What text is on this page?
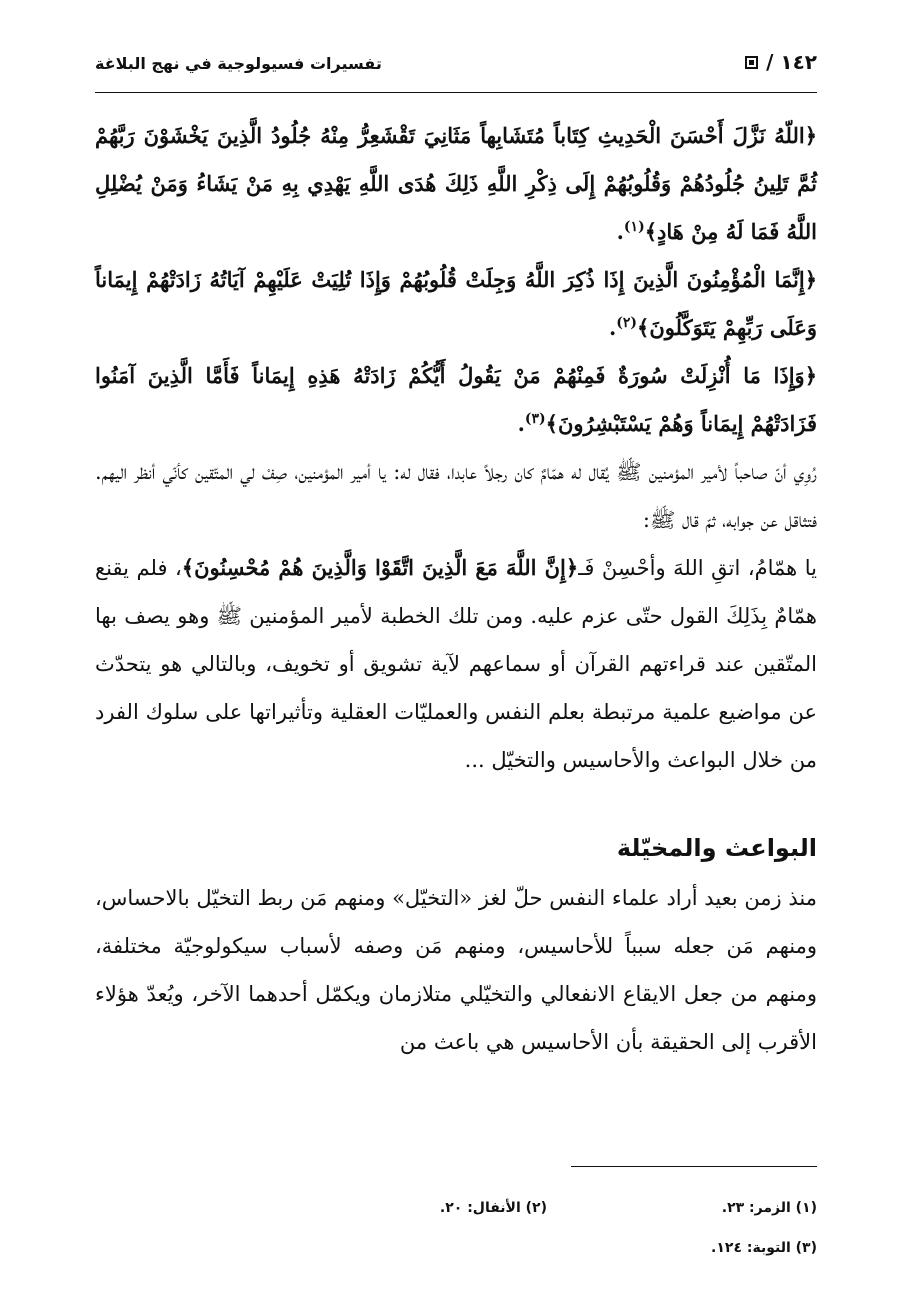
١٤٢ /
تفسيرات فسيولوجية في نهج البلاغة

﴿اللّهُ نَزَّلَ أَحْسَنَ الْحَدِيثِ كِتَاباً مُتَشَابِهاً مَثَانِيَ تَقْشَعِرُّ مِنْهُ جُلُودُ الَّذِينَ يَخْشَوْنَ رَبَّهُمْ ثُمَّ تَلِينُ جُلُودُهُمْ وَقُلُوبُهُمْ إِلَى ذِكْرِ اللَّهِ ذَلِكَ هُدَى اللَّهِ يَهْدِي بِهِ مَنْ يَشَاءُ وَمَنْ يُضْلِلِ اللَّهُ فَمَا لَهُ مِنْ هَادٍ﴾$^{(١)}$.

﴿إِنَّمَا الْمُؤْمِنُونَ الَّذِينَ إِذَا ذُكِرَ اللَّهُ وَجِلَتْ قُلُوبُهُمْ وَإِذَا تُلِيَتْ عَلَيْهِمْ آيَاتُهُ زَادَتْهُمْ إِيمَاناً وَعَلَى رَبِّهِمْ يَتَوَكَّلُونَ﴾$^{(٢)}$.

﴿وَإِذَا مَا أُنْزِلَتْ سُورَةٌ فَمِنْهُمْ مَنْ يَقُولُ أَيُّكُمْ زَادَتْهُ هَذِهِ إِيمَاناً فَأَمَّا الَّذِينَ آمَنُوا فَزَادَتْهُمْ إِيمَاناً وَهُمْ يَسْتَبْشِرُونَ﴾$^{(٣)}$.

رُوِي أنّ صاحباً لأمير المؤمنين ﷺ يُقال له همّامٌ كان رجلاً عابدا، فقال له: يا أمير المؤمنين، صِفْ لي المتّقين كأنّي أنظر اليهم. فتثاقل عن جوابه، ثمّ قال ﷺ:

يا همّامُ، اتقِ اللهَ وأحْسِنْ فَـ﴿إِنَّ اللَّهَ مَعَ الَّذِينَ اتَّقَوْا وَالَّذِينَ هُمْ مُحْسِنُونَ﴾، فلم يقنع همّامٌ بِذَلِكَ القول حتّى عزم عليه. ومن تلك الخطبة لأمير المؤمنين ﷺ وهو يصف بها المتّقين عند قراءتهم القرآن أو سماعهم لآية تشويق أو تخويف، وبالتالي هو يتحدّث عن مواضيع علمية مرتبطة بعلم النفس والعمليّات العقلية وتأثيراتها على سلوك الفرد من خلال البواعث والأحاسيس والتخيّل ...

البواعث والمخيّلة

منذ زمن بعيد أراد علماء النفس حلّ لغز «التخيّل» ومنهم مَن ربط التخيّل بالاحساس، ومنهم مَن جعله سبباً للأحاسيس، ومنهم مَن وصفه لأسباب سيكولوجيّة مختلفة، ومنهم من جعل الايقاع الانفعالي والتخيّلي متلازمان ويكمّل أحدهما الآخر، ويُعدّ هؤلاء الأقرب إلى الحقيقة بأن الأحاسيس هي باعث من

(١) الزمر: ٢٣.
(٢) الأنفال: ٢٠.
(٣) التوبة: ١٢٤.
